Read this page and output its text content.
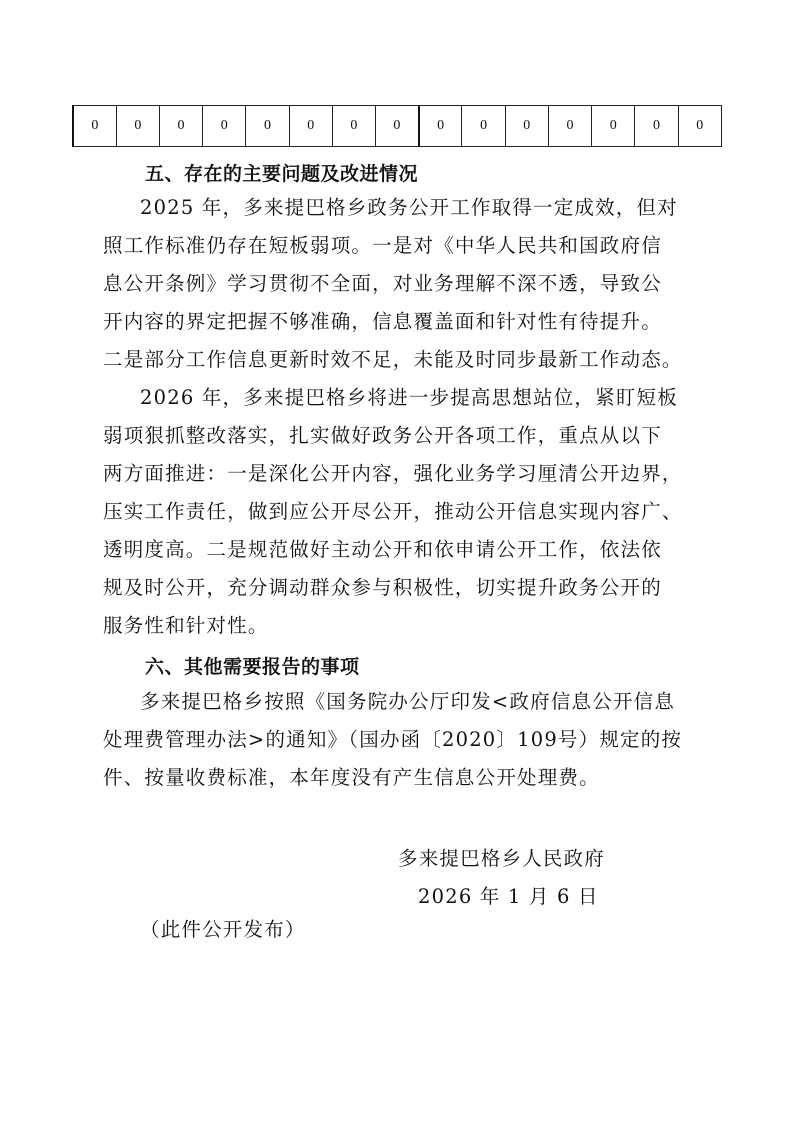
0	0	0	0	0	0	0	0	0	0	0	0	0	0	0
五、存在的主要问题及改进情况
2025 年，多来提巴格乡政务公开工作取得一定成效，但对
照工作标准仍存在短板弱项。一是对《中华人民共和国政府信
息公开条例》学习贯彻不全面，对业务理解不深不透，导致公
开内容的界定把握不够准确，信息覆盖面和针对性有待提升。
二是部分工作信息更新时效不足，未能及时同步最新工作动态。
2026 年，多来提巴格乡将进一步提高思想站位，紧盯短板
弱项狠抓整改落实，扎实做好政务公开各项工作，重点从以下
两方面推进：一是深化公开内容，强化业务学习厘清公开边界，
压实工作责任，做到应公开尽公开，推动公开信息实现内容广、
透明度高。二是规范做好主动公开和依申请公开工作，依法依
规及时公开，充分调动群众参与积极性，切实提升政务公开的
服务性和针对性。
六、其他需要报告的事项
多来提巴格乡按照《国务院办公厅印发<政府信息公开信息
处理费管理办法>的通知》（国办函〔2020〕109号）规定的按
件、按量收费标准，本年度没有产生信息公开处理费。
多来提巴格乡人民政府
2026 年 1 月 6 日
（此件公开发布）
